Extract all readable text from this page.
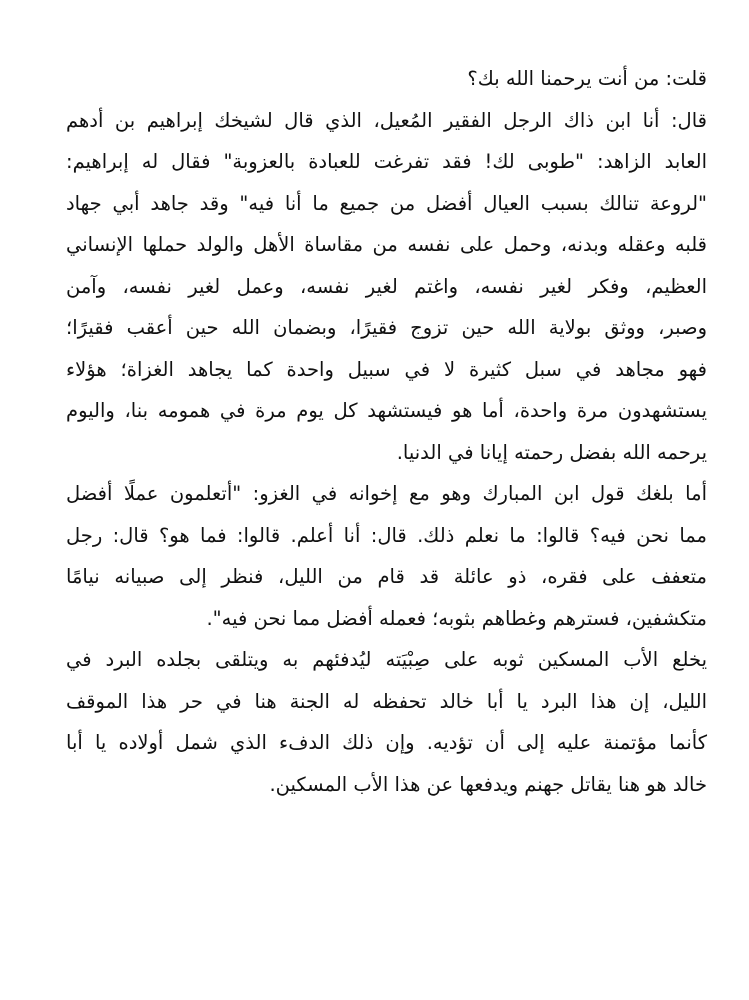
قلت: من أنت يرحمنا الله بك؟
قال: أنا ابن ذاك الرجل الفقير المُعيل، الذي قال لشيخك إبراهيم بن أدهم
العابد الزاهد: "طوبى لك! فقد تفرغت للعبادة بالعزوبة" فقال له إبراهيم:
"لروعة تنالك بسبب العيال أفضل من جميع ما أنا فيه" وقد جاهد أبي جهاد
قلبه وعقله وبدنه، وحمل على نفسه من مقاساة الأهل والولد حملها الإنساني
العظيم، وفكر لغير نفسه، واغتم لغير نفسه، وعمل لغير نفسه، وآمن
وصبر، ووثق بولاية الله حين تزوج فقيرًا، وبضمان الله حين أعقب فقيرًا؛
فهو مجاهد في سبل كثيرة لا في سبيل واحدة كما يجاهد الغزاة؛ هؤلاء
يستشهدون مرة واحدة، أما هو فيستشهد كل يوم مرة في همومه بنا، واليوم
يرحمه الله بفضل رحمته إيانا في الدنيا.
أما بلغك قول ابن المبارك وهو مع إخوانه في الغزو: "أتعلمون عملًا أفضل
مما نحن فيه؟ قالوا: ما نعلم ذلك. قال: أنا أعلم. قالوا: فما هو؟ قال: رجل
متعفف على فقره، ذو عائلة قد قام من الليل، فنظر إلى صبيانه نيامًا
متكشفين، فسترهم وغطاهم بثوبه؛ فعمله أفضل مما نحن فيه".
يخلع الأب المسكين ثوبه على صِبْيَته ليُدفئهم به ويتلقى بجلده البرد في
الليل، إن هذا البرد يا أبا خالد تحفظه له الجنة هنا في حر هذا الموقف
كأنما مؤتمنة عليه إلى أن تؤديه. وإن ذلك الدفء الذي شمل أولاده يا أبا
خالد هو هنا يقاتل جهنم ويدفعها عن هذا الأب المسكين.
